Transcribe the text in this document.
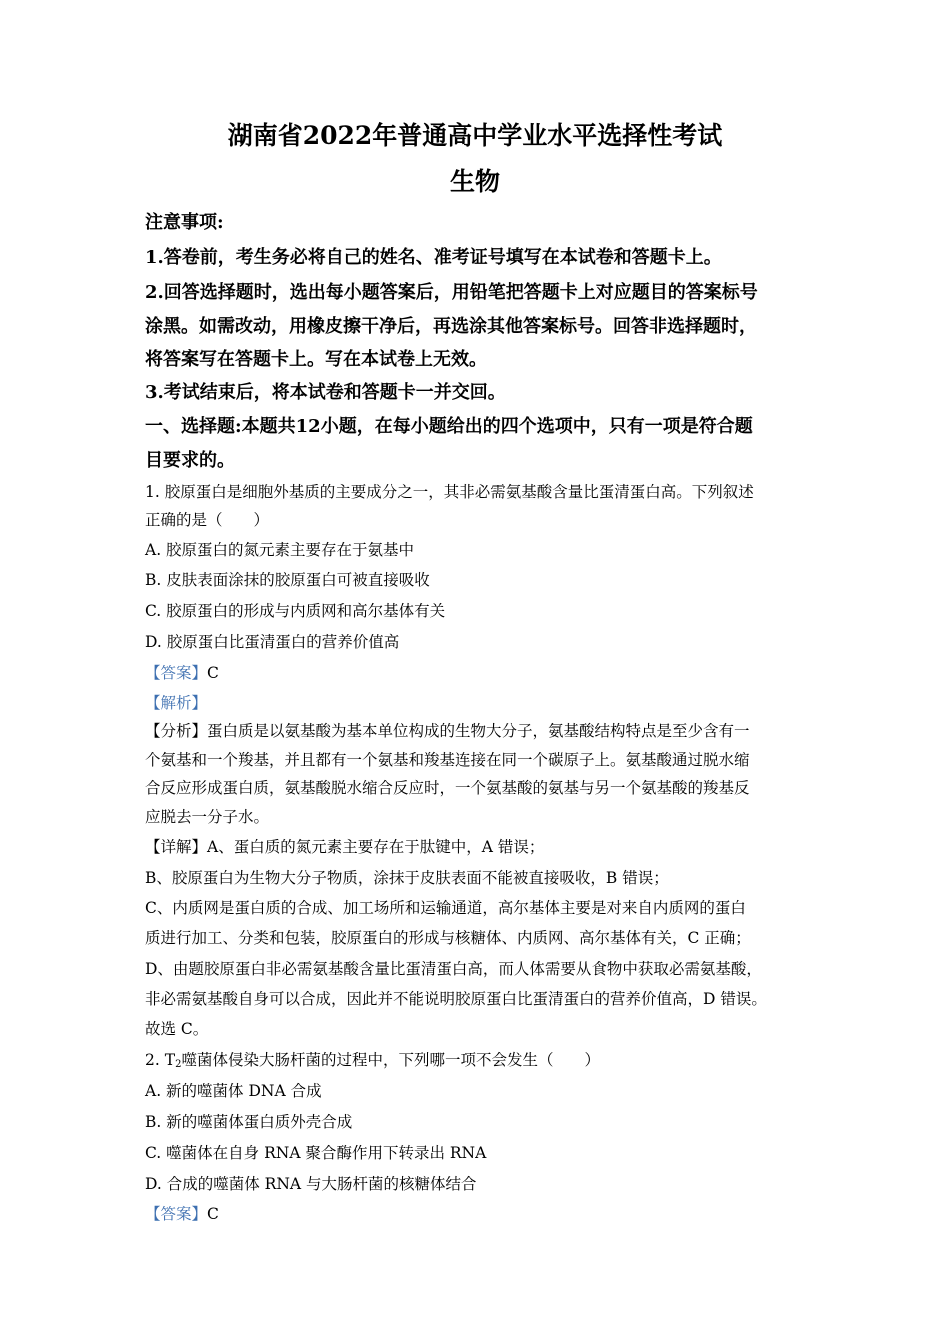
湖南省2022年普通高中学业水平选择性考试
生物
注意事项:
1.答卷前，考生务必将自己的姓名、准考证号填写在本试卷和答题卡上。
2.回答选择题时，选出每小题答案后，用铅笔把答题卡上对应题目的答案标号
涂黑。如需改动，用橡皮擦干净后，再选涂其他答案标号。回答非选择题时，
将答案写在答题卡上。写在本试卷上无效。
3.考试结束后，将本试卷和答题卡一并交回。
一、选择题:本题共12小题，在每小题给出的四个选项中，只有一项是符合题
目要求的。
1. 胶原蛋白是细胞外基质的主要成分之一，其非必需氨基酸含量比蛋清蛋白高。下列叙述
正确的是（　　）
A. 胶原蛋白的氮元素主要存在于氨基中
B. 皮肤表面涂抹的胶原蛋白可被直接吸收
C. 胶原蛋白的形成与内质网和高尔基体有关
D. 胶原蛋白比蛋清蛋白的营养价值高
【答案】C
【解析】
【分析】蛋白质是以氨基酸为基本单位构成的生物大分子，氨基酸结构特点是至少含有一
个氨基和一个羧基，并且都有一个氨基和羧基连接在同一个碳原子上。氨基酸通过脱水缩
合反应形成蛋白质，氨基酸脱水缩合反应时，一个氨基酸的氨基与另一个氨基酸的羧基反
应脱去一分子水。
【详解】A、蛋白质的氮元素主要存在于肽键中，A 错误；
B、胶原蛋白为生物大分子物质，涂抹于皮肤表面不能被直接吸收，B 错误；
C、内质网是蛋白质的合成、加工场所和运输通道，高尔基体主要是对来自内质网的蛋白
质进行加工、分类和包装，胶原蛋白的形成与核糖体、内质网、高尔基体有关，C 正确；
D、由题胶原蛋白非必需氨基酸含量比蛋清蛋白高，而人体需要从食物中获取必需氨基酸，
非必需氨基酸自身可以合成，因此并不能说明胶原蛋白比蛋清蛋白的营养价值高，D 错误。
故选 C。
2. $T_2$噬菌体侵染大肠杆菌的过程中，下列哪一项不会发生（　　）
A. 新的噬菌体 DNA 合成
B. 新的噬菌体蛋白质外壳合成
C. 噬菌体在自身 RNA 聚合酶作用下转录出 RNA
D. 合成的噬菌体 RNA 与大肠杆菌的核糖体结合
【答案】C
